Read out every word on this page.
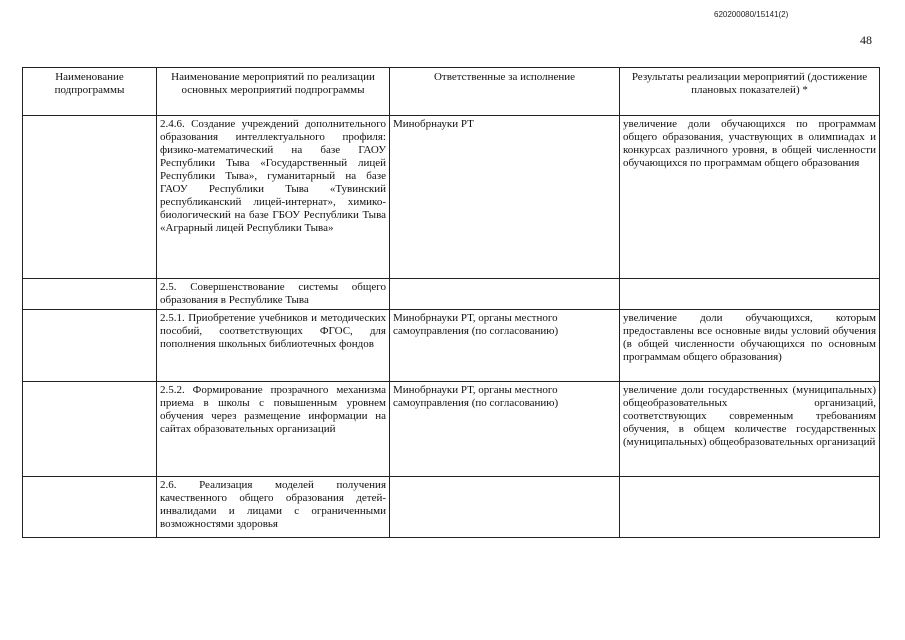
620200080/15141(2)
48
Наименование подпрограммы	Наименование мероприятий по реализации основных мероприятий подпрограммы	Ответственные за исполнение	Результаты реализации мероприятий (достижение плановых показателей) *
	2.4.6. Создание учреждений дополнительного образования интеллектуального профиля: физико-математический на базе ГАОУ Республики Тыва «Государственный лицей Республики Тыва», гуманитарный на базе ГАОУ Республики Тыва «Тувинский республиканский лицей-интернат», химико-биологический на базе ГБОУ Республики Тыва «Аграрный лицей Республики Тыва»	Минобрнауки РТ	увеличение доли обучающихся по программам общего образования, участвующих в олимпиадах и конкурсах различного уровня, в общей численности обучающихся по программам общего образования
	2.5. Совершенствование системы общего образования в Республике Тыва		
	2.5.1. Приобретение учебников и методических пособий, соответствующих ФГОС, для пополнения школьных библиотечных фондов	Минобрнауки РТ, органы местного самоуправления (по согласованию)	увеличение доли обучающихся, которым предоставлены все основные виды условий обучения (в общей численности обучающихся по основным программам общего образования)
	2.5.2. Формирование прозрачного механизма приема в школы с повышенным уровнем обучения через размещение информации на сайтах образовательных организаций	Минобрнауки РТ, органы местного самоуправления (по согласованию)	увеличение доли государственных (муниципальных) общеобразовательных организаций, соответствующих современным требованиям обучения, в общем количестве государственных (муниципальных) общеобразовательных организаций
	2.6. Реализация моделей получения качественного общего образования детей-инвалидами и лицами с ограниченными возможностями здоровья		
